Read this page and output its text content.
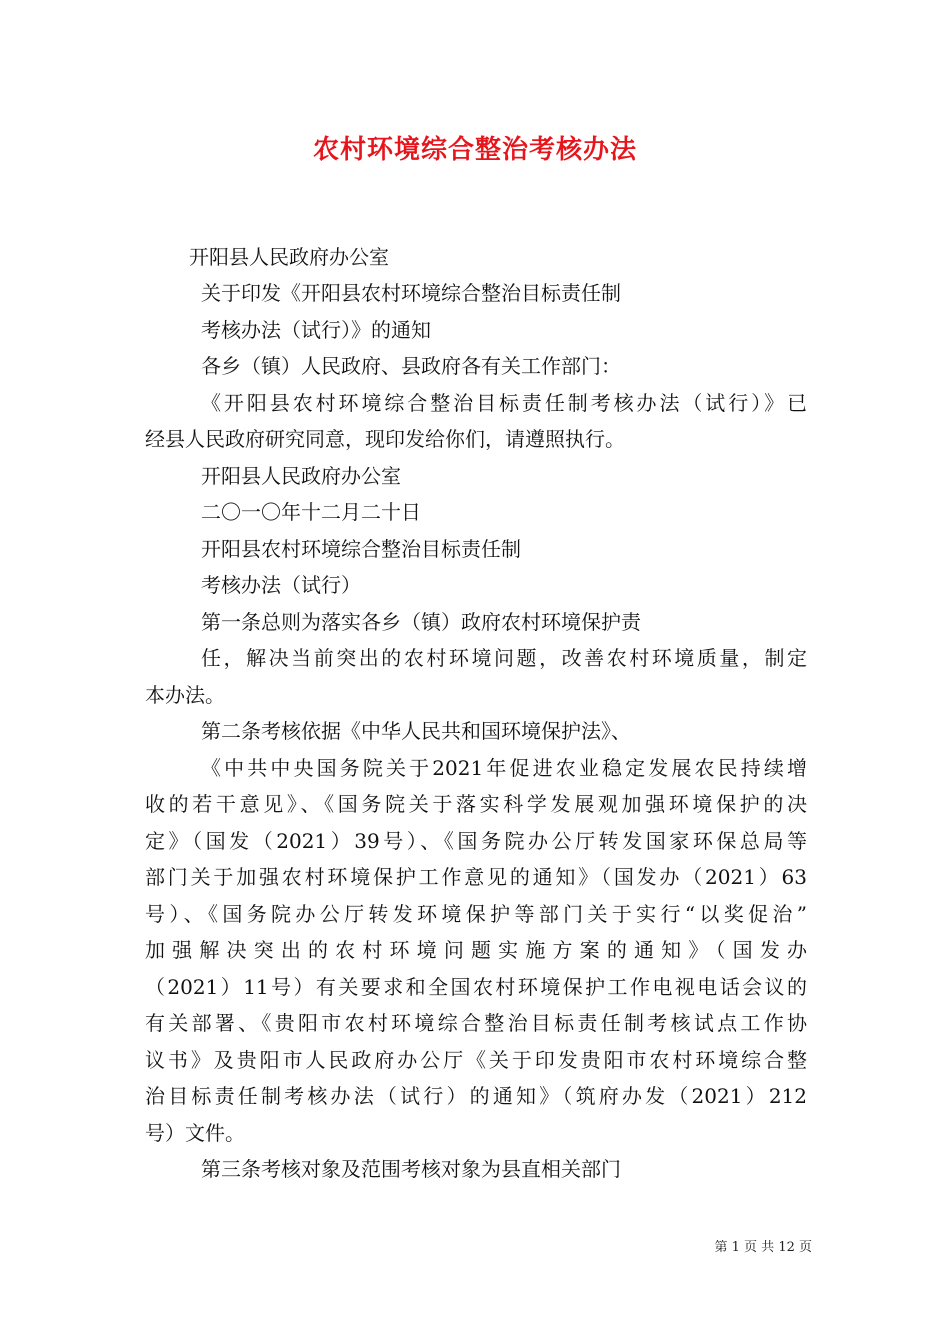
农村环境综合整治考核办法
开阳县人民政府办公室
关于印发《开阳县农村环境综合整治目标责任制
考核办法（试行）》的通知
各乡（镇）人民政府、县政府各有关工作部门：
《开阳县农村环境综合整治目标责任制考核办法（试行）》已
经县人民政府研究同意，现印发给你们，请遵照执行。
开阳县人民政府办公室
二〇一〇年十二月二十日
开阳县农村环境综合整治目标责任制
考核办法（试行）
第一条总则为落实各乡（镇）政府农村环境保护责
任，解决当前突出的农村环境问题，改善农村环境质量，制定
本办法。
第二条考核依据《中华人民共和国环境保护法》、
《中共中央国务院关于2021年促进农业稳定发展农民持续增
收的若干意见》、《国务院关于落实科学发展观加强环境保护的决
定》（国发（2021）39号）、《国务院办公厅转发国家环保总局等
部门关于加强农村环境保护工作意见的通知》（国发办（2021）63
号）、《国务院办公厅转发环境保护等部门关于实行“以奖促治”
加强解决突出的农村环境问题实施方案的通知》（国发办
（2021）11号）有关要求和全国农村环境保护工作电视电话会议的
有关部署、《贵阳市农村环境综合整治目标责任制考核试点工作协
议书》及贵阳市人民政府办公厅《关于印发贵阳市农村环境综合整
治目标责任制考核办法（试行）的通知》（筑府办发（2021）212
号）文件。
第三条考核对象及范围考核对象为县直相关部门
第 1 页 共 12 页
